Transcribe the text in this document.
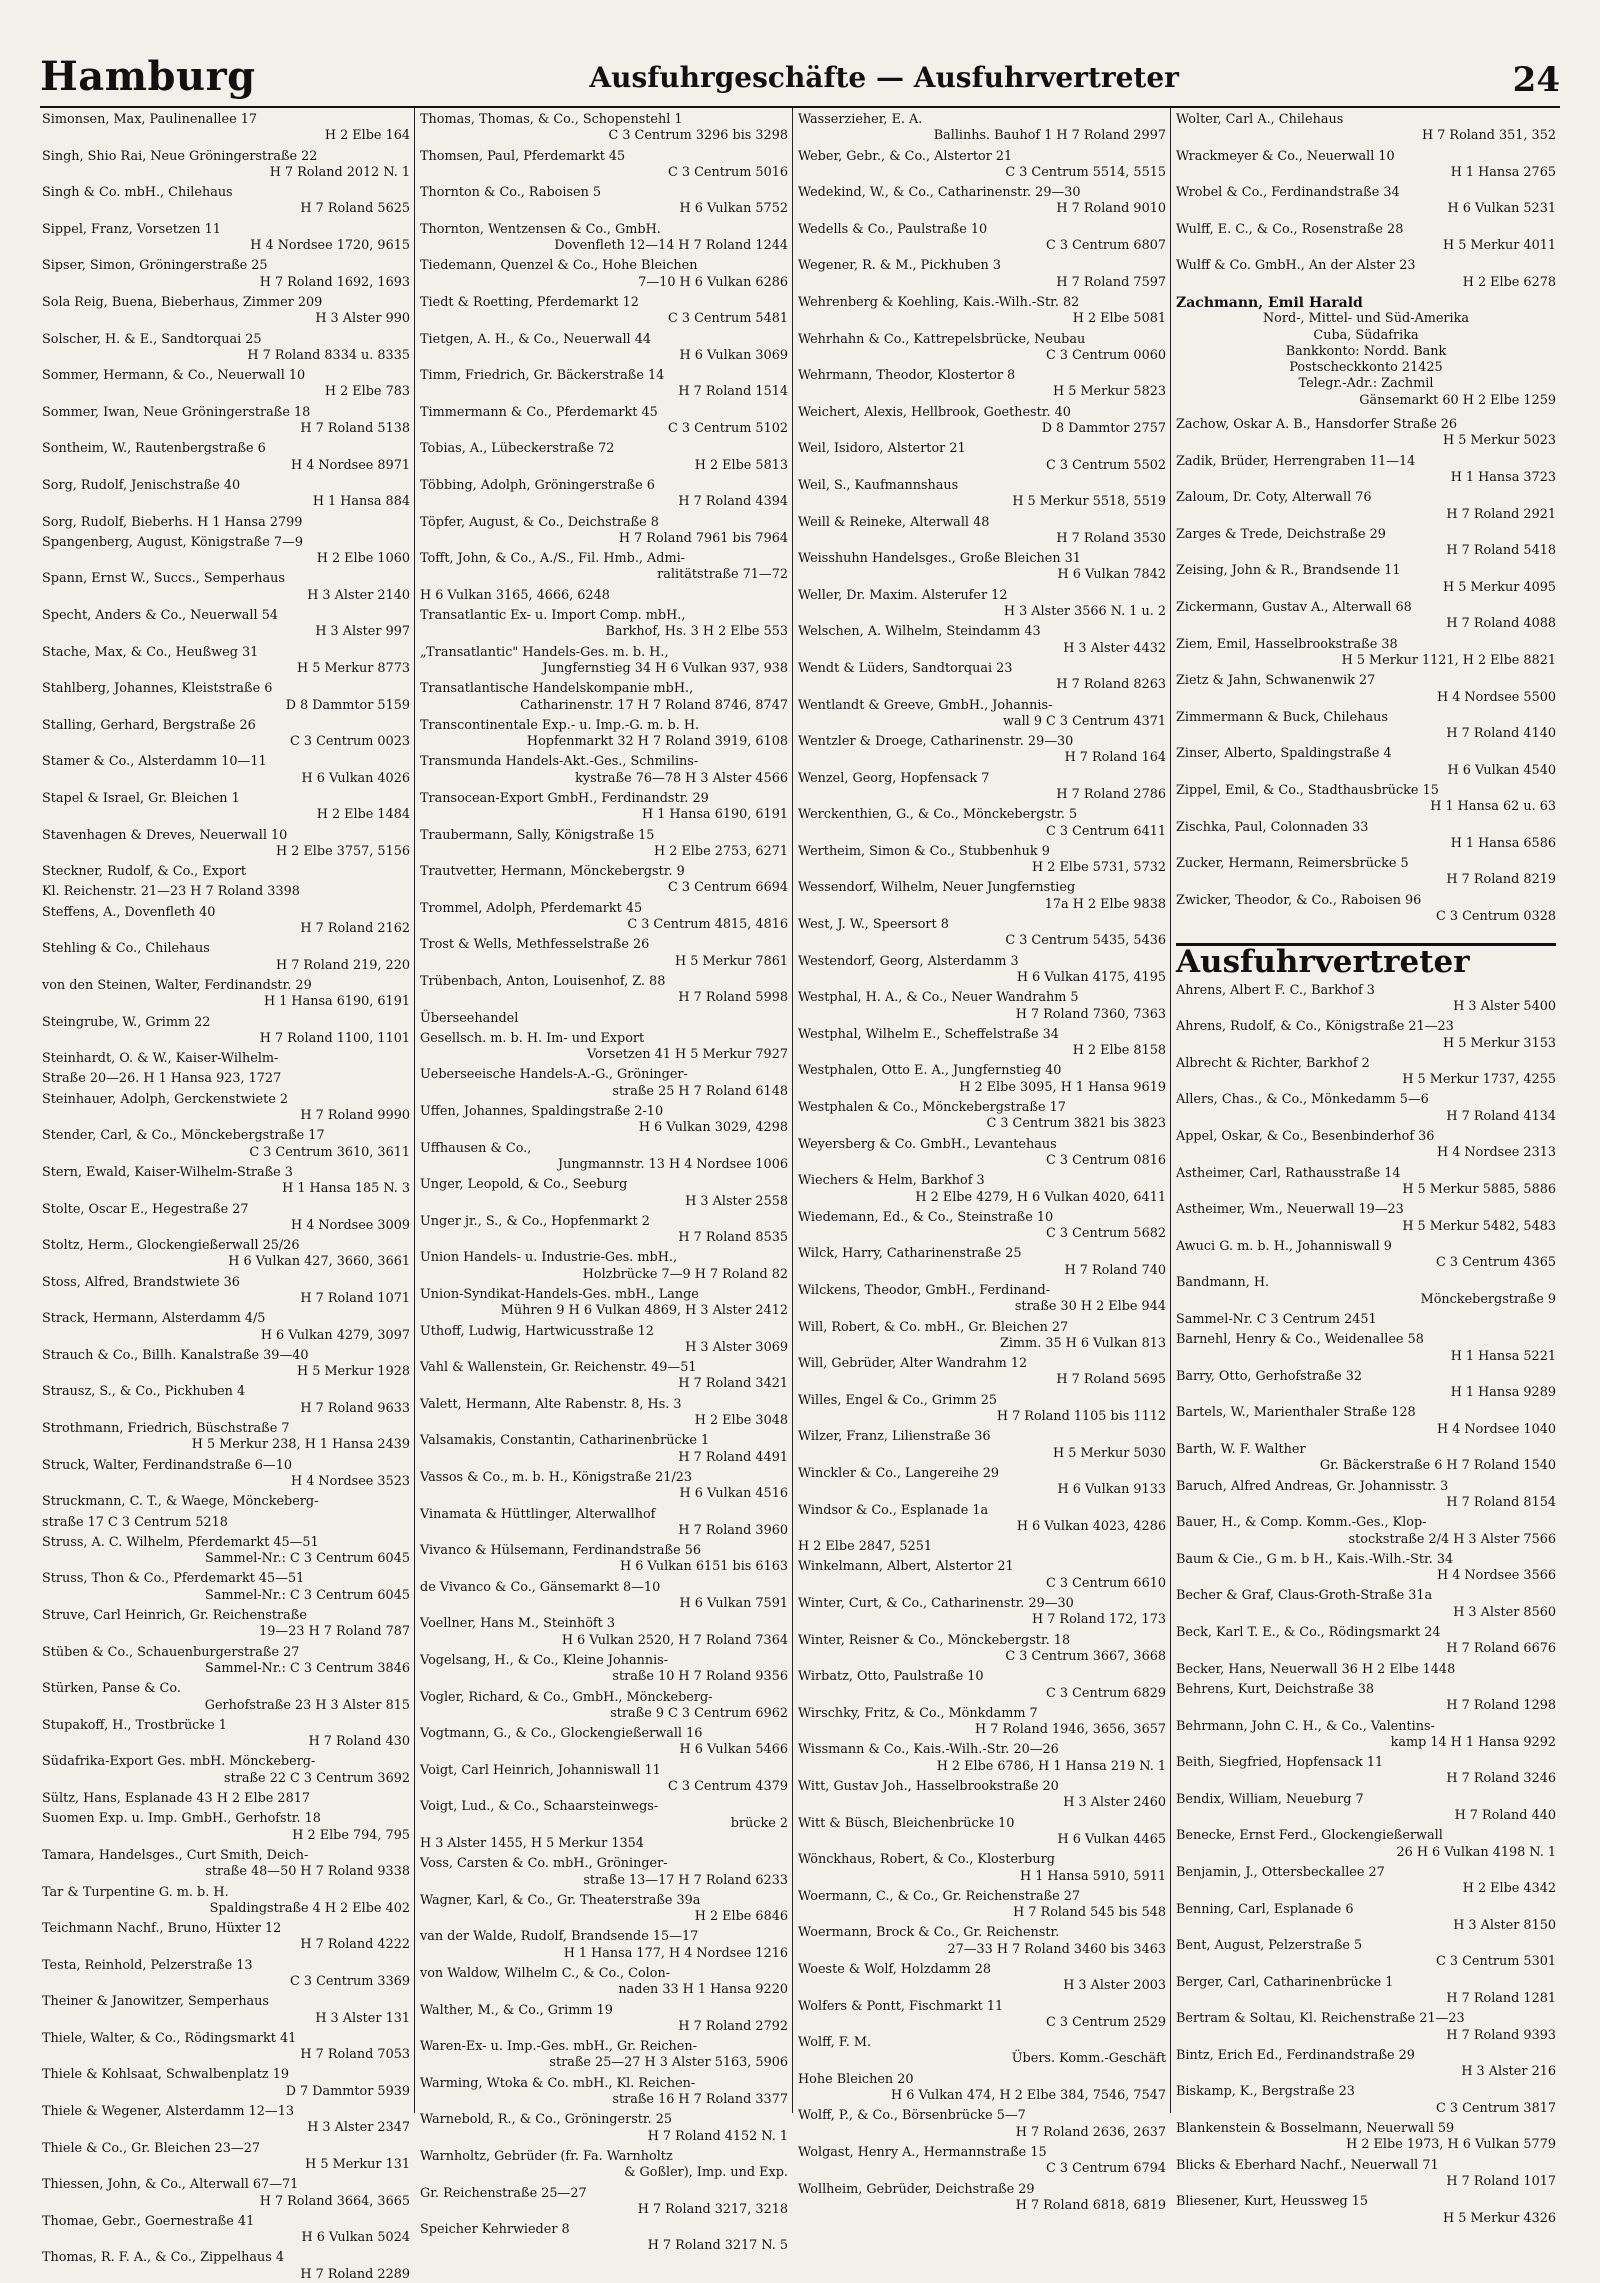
Hamburg	Ausfuhrgeschäfte — Ausfuhrvertreter	24
Simonsen, Max, Paulinenallee 17
H 2 Elbe 164
Singh, Shio Rai, Neue Gröningerstraße 22
H 7 Roland 2012 N. 1
Singh & Co. mbH., Chilehaus
H 7 Roland 5625
Sippel, Franz, Vorsetzen 11
H 4 Nordsee 1720, 9615
Sipser, Simon, Gröningerstraße 25
H 7 Roland 1692, 1693
Sola Reig, Buena, Bieberhaus, Zimmer 209
H 3 Alster 990
Solscher, H. & E., Sandtorquai 25
H 7 Roland 8334 u. 8335
Sommer, Hermann, & Co., Neuerwall 10
H 2 Elbe 783
Sommer, Iwan, Neue Gröningerstraße 18
H 7 Roland 5138
Sontheim, W., Rautenbergstraße 6
H 4 Nordsee 8971
Sorg, Rudolf, Jenischstraße 40
H 1 Hansa 884
Sorg, Rudolf, Bieberhs. H 1 Hansa 2799
Spangenberg, August, Königstraße 7—9
H 2 Elbe 1060
Spann, Ernst W., Succs., Semperhaus
H 3 Alster 2140
Specht, Anders & Co., Neuerwall 54
H 3 Alster 997
Stache, Max, & Co., Heußweg 31
H 5 Merkur 8773
Stahlberg, Johannes, Kleiststraße 6
D 8 Dammtor 5159
Stalling, Gerhard, Bergstraße 26
C 3 Centrum 0023
Stamer & Co., Alsterdamm 10—11
H 6 Vulkan 4026
Stapel & Israel, Gr. Bleichen 1
H 2 Elbe 1484
Stavenhagen & Dreves, Neuerwall 10
H 2 Elbe 3757, 5156
Steckner, Rudolf, & Co., Export
Kl. Reichenstr. 21—23 H 7 Roland 3398
Steffens, A., Dovenfleth 40
H 7 Roland 2162
Stehling & Co., Chilehaus
H 7 Roland 219, 220
von den Steinen, Walter, Ferdinandstr. 29
H 1 Hansa 6190, 6191
Steingrube, W., Grimm 22
H 7 Roland 1100, 1101
Steinhardt, O. & W., Kaiser-Wilhelm-
Straße 20—26. H 1 Hansa 923, 1727
Steinhauer, Adolph, Gerckenstwiete 2
H 7 Roland 9990
Stender, Carl, & Co., Mönckebergstraße 17
C 3 Centrum 3610, 3611
Stern, Ewald, Kaiser-Wilhelm-Straße 3
H 1 Hansa 185 N. 3
Stolte, Oscar E., Hegestraße 27
H 4 Nordsee 3009
Stoltz, Herm., Glockengießerwall 25/26
H 6 Vulkan 427, 3660, 3661
Stoss, Alfred, Brandstwiete 36
H 7 Roland 1071
Strack, Hermann, Alsterdamm 4/5
H 6 Vulkan 4279, 3097
Strauch & Co., Billh. Kanalstraße 39—40
H 5 Merkur 1928
Strausz, S., & Co., Pickhuben 4
H 7 Roland 9633
Strothmann, Friedrich, Büschstraße 7
H 5 Merkur 238, H 1 Hansa 2439
Struck, Walter, Ferdinandstraße 6—10
H 4 Nordsee 3523
Struckmann, C. T., & Waege, Mönckeberg-
straße 17 C 3 Centrum 5218
Struss, A. C. Wilhelm, Pferdemarkt 45—51
Sammel-Nr.: C 3 Centrum 6045
Struss, Thon & Co., Pferdemarkt 45—51
Sammel-Nr.: C 3 Centrum 6045
Struve, Carl Heinrich, Gr. Reichenstraße
19—23 H 7 Roland 787
Stüben & Co., Schauenburgerstraße 27
Sammel-Nr.: C 3 Centrum 3846
Stürken, Panse & Co.
Gerhofstraße 23 H 3 Alster 815
Stupakoff, H., Trostbrücke 1
H 7 Roland 430
Südafrika-Export Ges. mbH. Mönckeberg-
straße 22 C 3 Centrum 3692
Sültz, Hans, Esplanade 43 H 2 Elbe 2817
Suomen Exp. u. Imp. GmbH., Gerhofstr. 18
H 2 Elbe 794, 795
Tamara, Handelsges., Curt Smith, Deich-
straße 48—50 H 7 Roland 9338
Tar & Turpentine G. m. b. H.
Spaldingstraße 4 H 2 Elbe 402
Teichmann Nachf., Bruno, Hüxter 12
H 7 Roland 4222
Testa, Reinhold, Pelzerstraße 13
C 3 Centrum 3369
Theiner & Janowitzer, Semperhaus
H 3 Alster 131
Thiele, Walter, & Co., Rödingsmarkt 41
H 7 Roland 7053
Thiele & Kohlsaat, Schwalbenplatz 19
D 7 Dammtor 5939
Thiele & Wegener, Alsterdamm 12—13
H 3 Alster 2347
Thiele & Co., Gr. Bleichen 23—27
H 5 Merkur 131
Thiessen, John, & Co., Alterwall 67—71
H 7 Roland 3664, 3665
Thomae, Gebr., Goernestraße 41
H 6 Vulkan 5024
Thomas, R. F. A., & Co., Zippelhaus 4
H 7 Roland 2289
Thomas, Thomas, & Co., Schopenstehl 1
C 3 Centrum 3296 bis 3298
Thomsen, Paul, Pferdemarkt 45
C 3 Centrum 5016
Thornton & Co., Raboisen 5
H 6 Vulkan 5752
Thornton, Wentzensen & Co., GmbH.
Dovenfleth 12—14 H 7 Roland 1244
Tiedemann, Quenzel & Co., Hohe Bleichen
7—10 H 6 Vulkan 6286
Tiedt & Roetting, Pferdemarkt 12
C 3 Centrum 5481
Tietgen, A. H., & Co., Neuerwall 44
H 6 Vulkan 3069
Timm, Friedrich, Gr. Bäckerstraße 14
H 7 Roland 1514
Timmermann & Co., Pferdemarkt 45
C 3 Centrum 5102
Tobias, A., Lübeckerstraße 72
H 2 Elbe 5813
Többing, Adolph, Gröningerstraße 6
H 7 Roland 4394
Töpfer, August, & Co., Deichstraße 8
H 7 Roland 7961 bis 7964
Tofft, John, & Co., A./S., Fil. Hmb., Admi-
ralitätstraße 71—72
H 6 Vulkan 3165, 4666, 6248
Transatlantic Ex- u. Import Comp. mbH.,
Barkhof, Hs. 3 H 2 Elbe 553
„Transatlantic" Handels-Ges. m. b. H.,
Jungfernstieg 34 H 6 Vulkan 937, 938
Transatlantische Handelskompanie mbH.,
Catharinenstr. 17 H 7 Roland 8746, 8747
Transcontinentale Exp.- u. Imp.-G. m. b. H.
Hopfenmarkt 32 H 7 Roland 3919, 6108
Transmunda Handels-Akt.-Ges., Schmilins-
kystraße 76—78 H 3 Alster 4566
Transocean-Export GmbH., Ferdinandstr. 29
H 1 Hansa 6190, 6191
Traubermann, Sally, Königstraße 15
H 2 Elbe 2753, 6271
Trautvetter, Hermann, Mönckebergstr. 9
C 3 Centrum 6694
Trommel, Adolph, Pferdemarkt 45
C 3 Centrum 4815, 4816
Trost & Wells, Methfesselstraße 26
H 5 Merkur 7861
Trübenbach, Anton, Louisenhof, Z. 88
H 7 Roland 5998
Überseehandel
Gesellsch. m. b. H. Im- und Export
Vorsetzen 41 H 5 Merkur 7927
Ueberseeische Handels-A.-G., Gröninger-
straße 25 H 7 Roland 6148
Uffen, Johannes, Spaldingstraße 2-10
H 6 Vulkan 3029, 4298
Uffhausen & Co.,
Jungmannstr. 13 H 4 Nordsee 1006
Unger, Leopold, & Co., Seeburg
H 3 Alster 2558
Unger jr., S., & Co., Hopfenmarkt 2
H 7 Roland 8535
Union Handels- u. Industrie-Ges. mbH.,
Holzbrücke 7—9 H 7 Roland 82
Union-Syndikat-Handels-Ges. mbH., Lange
Mühren 9 H 6 Vulkan 4869, H 3 Alster 2412
Uthoff, Ludwig, Hartwicusstraße 12
H 3 Alster 3069
Vahl & Wallenstein, Gr. Reichenstr. 49—51
H 7 Roland 3421
Valett, Hermann, Alte Rabenstr. 8, Hs. 3
H 2 Elbe 3048
Valsamakis, Constantin, Catharinenbrücke 1
H 7 Roland 4491
Vassos & Co., m. b. H., Königstraße 21/23
H 6 Vulkan 4516
Vinamata & Hüttlinger, Alterwallhof
H 7 Roland 3960
Vivanco & Hülsemann, Ferdinandstraße 56
H 6 Vulkan 6151 bis 6163
de Vivanco & Co., Gänsemarkt 8—10
H 6 Vulkan 7591
Voellner, Hans M., Steinhöft 3
H 6 Vulkan 2520, H 7 Roland 7364
Vogelsang, H., & Co., Kleine Johannis-
straße 10 H 7 Roland 9356
Vogler, Richard, & Co., GmbH., Mönckeberg-
straße 9 C 3 Centrum 6962
Vogtmann, G., & Co., Glockengießerwall 16
H 6 Vulkan 5466
Voigt, Carl Heinrich, Johanniswall 11
C 3 Centrum 4379
Voigt, Lud., & Co., Schaarsteinwegs-
brücke 2
H 3 Alster 1455, H 5 Merkur 1354
Voss, Carsten & Co. mbH., Gröninger-
straße 13—17 H 7 Roland 6233
Wagner, Karl, & Co., Gr. Theaterstraße 39a
H 2 Elbe 6846
van der Walde, Rudolf, Brandsende 15—17
H 1 Hansa 177, H 4 Nordsee 1216
von Waldow, Wilhelm C., & Co., Colon-
naden 33 H 1 Hansa 9220
Walther, M., & Co., Grimm 19
H 7 Roland 2792
Waren-Ex- u. Imp.-Ges. mbH., Gr. Reichen-
straße 25—27 H 3 Alster 5163, 5906
Warming, Wtoka & Co. mbH., Kl. Reichen-
straße 16 H 7 Roland 3377
Warnebold, R., & Co., Gröningerstr. 25
H 7 Roland 4152 N. 1
Warnholtz, Gebrüder (fr. Fa. Warnholtz
& Goßler), Imp. und Exp.
Gr. Reichenstraße 25—27
H 7 Roland 3217, 3218
Speicher Kehrwieder 8
H 7 Roland 3217 N. 5
Wasserzieher, E. A.
Ballinhs. Bauhof 1 H 7 Roland 2997
Weber, Gebr., & Co., Alstertor 21
C 3 Centrum 5514, 5515
Wedekind, W., & Co., Catharinenstr. 29—30
H 7 Roland 9010
Wedells & Co., Paulstraße 10
C 3 Centrum 6807
Wegener, R. & M., Pickhuben 3
H 7 Roland 7597
Wehrenberg & Koehling, Kais.-Wilh.-Str. 82
H 2 Elbe 5081
Wehrhahn & Co., Kattrepelsbrücke, Neubau
C 3 Centrum 0060
Wehrmann, Theodor, Klostertor 8
H 5 Merkur 5823
Weichert, Alexis, Hellbrook, Goethestr. 40
D 8 Dammtor 2757
Weil, Isidoro, Alstertor 21
C 3 Centrum 5502
Weil, S., Kaufmannshaus
H 5 Merkur 5518, 5519
Weill & Reineke, Alterwall 48
H 7 Roland 3530
Weisshuhn Handelsges., Große Bleichen 31
H 6 Vulkan 7842
Weller, Dr. Maxim. Alsterufer 12
H 3 Alster 3566 N. 1 u. 2
Welschen, A. Wilhelm, Steindamm 43
H 3 Alster 4432
Wendt & Lüders, Sandtorquai 23
H 7 Roland 8263
Wentlandt & Greeve, GmbH., Johannis-
wall 9 C 3 Centrum 4371
Wentzler & Droege, Catharinenstr. 29—30
H 7 Roland 164
Wenzel, Georg, Hopfensack 7
H 7 Roland 2786
Werckenthien, G., & Co., Mönckebergstr. 5
C 3 Centrum 6411
Wertheim, Simon & Co., Stubbenhuk 9
H 2 Elbe 5731, 5732
Wessendorf, Wilhelm, Neuer Jungfernstieg
17a H 2 Elbe 9838
West, J. W., Speersort 8
C 3 Centrum 5435, 5436
Westendorf, Georg, Alsterdamm 3
H 6 Vulkan 4175, 4195
Westphal, H. A., & Co., Neuer Wandrahm 5
H 7 Roland 7360, 7363
Westphal, Wilhelm E., Scheffelstraße 34
H 2 Elbe 8158
Westphalen, Otto E. A., Jungfernstieg 40
H 2 Elbe 3095, H 1 Hansa 9619
Westphalen & Co., Mönckebergstraße 17
C 3 Centrum 3821 bis 3823
Weyersberg & Co. GmbH., Levantehaus
C 3 Centrum 0816
Wiechers & Helm, Barkhof 3
H 2 Elbe 4279, H 6 Vulkan 4020, 6411
Wiedemann, Ed., & Co., Steinstraße 10
C 3 Centrum 5682
Wilck, Harry, Catharinenstraße 25
H 7 Roland 740
Wilckens, Theodor, GmbH., Ferdinand-
straße 30 H 2 Elbe 944
Will, Robert, & Co. mbH., Gr. Bleichen 27
Zimm. 35 H 6 Vulkan 813
Will, Gebrüder, Alter Wandrahm 12
H 7 Roland 5695
Willes, Engel & Co., Grimm 25
H 7 Roland 1105 bis 1112
Wilzer, Franz, Lilienstraße 36
H 5 Merkur 5030
Winckler & Co., Langereihe 29
H 6 Vulkan 9133
Windsor & Co., Esplanade 1a
H 6 Vulkan 4023, 4286
H 2 Elbe 2847, 5251
Winkelmann, Albert, Alstertor 21
C 3 Centrum 6610
Winter, Curt, & Co., Catharinenstr. 29—30
H 7 Roland 172, 173
Winter, Reisner & Co., Mönckebergstr. 18
C 3 Centrum 3667, 3668
Wirbatz, Otto, Paulstraße 10
C 3 Centrum 6829
Wirschky, Fritz, & Co., Mönkdamm 7
H 7 Roland 1946, 3656, 3657
Wissmann & Co., Kais.-Wilh.-Str. 20—26
H 2 Elbe 6786, H 1 Hansa 219 N. 1
Witt, Gustav Joh., Hasselbrookstraße 20
H 3 Alster 2460
Witt & Büsch, Bleichenbrücke 10
H 6 Vulkan 4465
Wönckhaus, Robert, & Co., Klosterburg
H 1 Hansa 5910, 5911
Woermann, C., & Co., Gr. Reichenstraße 27
H 7 Roland 545 bis 548
Woermann, Brock & Co., Gr. Reichenstr.
27—33 H 7 Roland 3460 bis 3463
Woeste & Wolf, Holzdamm 28
H 3 Alster 2003
Wolfers & Pontt, Fischmarkt 11
C 3 Centrum 2529
Wolff, F. M.
Übers. Komm.-Geschäft
Hohe Bleichen 20
H 6 Vulkan 474, H 2 Elbe 384, 7546, 7547
Wolff, P., & Co., Börsenbrücke 5—7
H 7 Roland 2636, 2637
Wolgast, Henry A., Hermannstraße 15
C 3 Centrum 6794
Wollheim, Gebrüder, Deichstraße 29
H 7 Roland 6818, 6819
Wolter, Carl A., Chilehaus
H 7 Roland 351, 352
Wrackmeyer & Co., Neuerwall 10
H 1 Hansa 2765
Wrobel & Co., Ferdinandstraße 34
H 6 Vulkan 5231
Wulff, E. C., & Co., Rosenstraße 28
H 5 Merkur 4011
Wulff & Co. GmbH., An der Alster 23
H 2 Elbe 6278
Zachmann, Emil Harald
Nord-, Mittel- und Süd-Amerika
Cuba, Südafrika
Bankkonto: Nordd. Bank
Postscheckkonto 21425
Telegr.-Adr.: Zachmil
Gänsemarkt 60 H 2 Elbe 1259
Zachow, Oskar A. B., Hansdorfer Straße 26
H 5 Merkur 5023
Zadik, Brüder, Herrengraben 11—14
H 1 Hansa 3723
Zaloum, Dr. Coty, Alterwall 76
H 7 Roland 2921
Zarges & Trede, Deichstraße 29
H 7 Roland 5418
Zeising, John & R., Brandsende 11
H 5 Merkur 4095
Zickermann, Gustav A., Alterwall 68
H 7 Roland 4088
Ziem, Emil, Hasselbrookstraße 38
H 5 Merkur 1121, H 2 Elbe 8821
Zietz & Jahn, Schwanenwik 27
H 4 Nordsee 5500
Zimmermann & Buck, Chilehaus
H 7 Roland 4140
Zinser, Alberto, Spaldingstraße 4
H 6 Vulkan 4540
Zippel, Emil, & Co., Stadthausbrücke 15
H 1 Hansa 62 u. 63
Zischka, Paul, Colonnaden 33
H 1 Hansa 6586
Zucker, Hermann, Reimersbrücke 5
H 7 Roland 8219
Zwicker, Theodor, & Co., Raboisen 96
C 3 Centrum 0328
Ausfuhrvertreter
Ahrens, Albert F. C., Barkhof 3
H 3 Alster 5400
Ahrens, Rudolf, & Co., Königstraße 21—23
H 5 Merkur 3153
Albrecht & Richter, Barkhof 2
H 5 Merkur 1737, 4255
Allers, Chas., & Co., Mönkedamm 5—6
H 7 Roland 4134
Appel, Oskar, & Co., Besenbinderhof 36
H 4 Nordsee 2313
Astheimer, Carl, Rathausstraße 14
H 5 Merkur 5885, 5886
Astheimer, Wm., Neuerwall 19—23
H 5 Merkur 5482, 5483
Awuci G. m. b. H., Johanniswall 9
C 3 Centrum 4365
Bandmann, H.
Mönckebergstraße 9
Sammel-Nr. C 3 Centrum 2451
Barnehl, Henry & Co., Weidenallee 58
H 1 Hansa 5221
Barry, Otto, Gerhofstraße 32
H 1 Hansa 9289
Bartels, W., Marienthaler Straße 128
H 4 Nordsee 1040
Barth, W. F. Walther
Gr. Bäckerstraße 6 H 7 Roland 1540
Baruch, Alfred Andreas, Gr. Johannisstr. 3
H 7 Roland 8154
Bauer, H., & Comp. Komm.-Ges., Klop-
stockstraße 2/4 H 3 Alster 7566
Baum & Cie., G m. b H., Kais.-Wilh.-Str. 34
H 4 Nordsee 3566
Becher & Graf, Claus-Groth-Straße 31a
H 3 Alster 8560
Beck, Karl T. E., & Co., Rödingsmarkt 24
H 7 Roland 6676
Becker, Hans, Neuerwall 36 H 2 Elbe 1448
Behrens, Kurt, Deichstraße 38
H 7 Roland 1298
Behrmann, John C. H., & Co., Valentins-
kamp 14 H 1 Hansa 9292
Beith, Siegfried, Hopfensack 11
H 7 Roland 3246
Bendix, William, Neueburg 7
H 7 Roland 440
Benecke, Ernst Ferd., Glockengießerwall
26 H 6 Vulkan 4198 N. 1
Benjamin, J., Ottersbeckallee 27
H 2 Elbe 4342
Benning, Carl, Esplanade 6
H 3 Alster 8150
Bent, August, Pelzerstraße 5
C 3 Centrum 5301
Berger, Carl, Catharinenbrücke 1
H 7 Roland 1281
Bertram & Soltau, Kl. Reichenstraße 21—23
H 7 Roland 9393
Bintz, Erich Ed., Ferdinandstraße 29
H 3 Alster 216
Biskamp, K., Bergstraße 23
C 3 Centrum 3817
Blankenstein & Bosselmann, Neuerwall 59
H 2 Elbe 1973, H 6 Vulkan 5779
Blicks & Eberhard Nachf., Neuerwall 71
H 7 Roland 1017
Bliesener, Kurt, Heussweg 15
H 5 Merkur 4326
